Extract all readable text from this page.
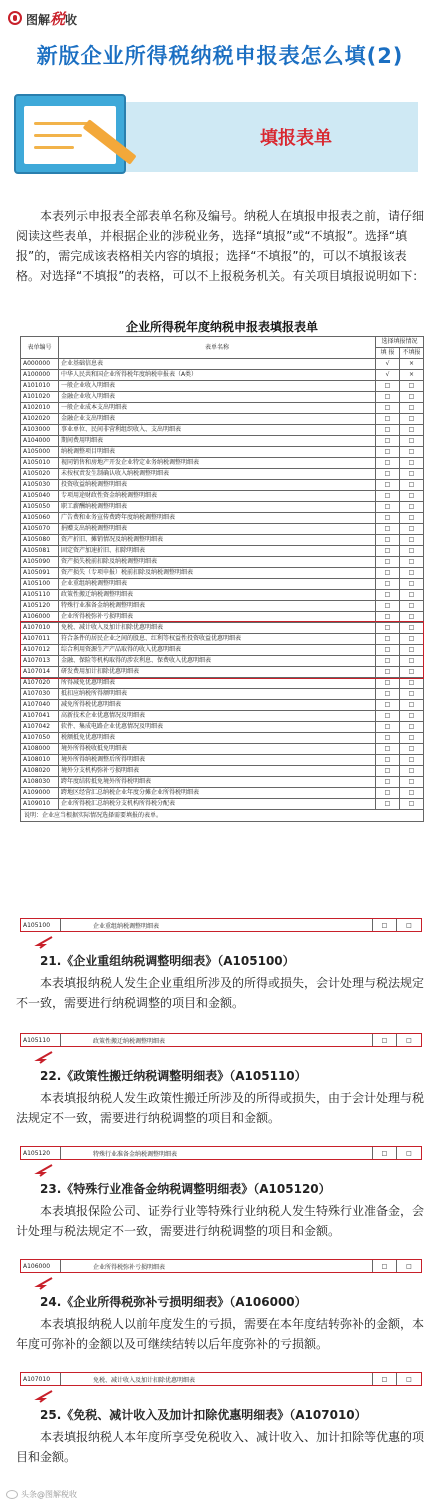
图解税收
新版企业所得税纳税申报表怎么填(2)
填报表单
本表列示申报表全部表单名称及编号。纳税人在填报申报表之前，请仔细阅读这些表单，并根据企业的涉税业务，选择“填报”或“不填报”。选择“填报”的，需完成该表格相关内容的填报；选择“不填报”的，可以不填报该表格。对选择“不填报”的表格，可以不上报税务机关。有关项目填报说明如下：
企业所得税年度纳税申报表填报表单
表单编号	表单名称	选择填报情况	
		填 报	不填报
A000000	企业基础信息表	√	×
A100000	中华人民共和国企业所得税年度纳税申报表（A类）	√	×
A101010	一般企业收入明细表	□	□
A101020	金融企业收入明细表	□	□
A102010	一般企业成本支出明细表	□	□
A102020	金融企业支出明细表	□	□
A103000	事业单位、民间非营利组织收入、支出明细表	□	□
A104000	期间费用明细表	□	□
A105000	纳税调整项目明细表	□	□
A105010	视同销售和房地产开发企业特定业务纳税调整明细表	□	□
A105020	未按权责发生制确认收入纳税调整明细表	□	□
A105030	投资收益纳税调整明细表	□	□
A105040	专项用途财政性资金纳税调整明细表	□	□
A105050	职工薪酬纳税调整明细表	□	□
A105060	广告费和业务宣传费跨年度纳税调整明细表	□	□
A105070	捐赠支出纳税调整明细表	□	□
A105080	资产折旧、摊销情况及纳税调整明细表	□	□
A105081	固定资产加速折旧、扣除明细表	□	□
A105090	资产损失税前扣除及纳税调整明细表	□	□
A105091	资产损失（专项申报）税前扣除及纳税调整明细表	□	□
A105100	企业重组纳税调整明细表	□	□
A105110	政策性搬迁纳税调整明细表	□	□
A105120	特殊行业准备金纳税调整明细表	□	□
A106000	企业所得税弥补亏损明细表	□	□
A107010	免税、减计收入及加计扣除优惠明细表	□	□
A107011	符合条件的居民企业之间的股息、红利等权益性投资收益优惠明细表	□	□
A107012	综合利用资源生产产品取得的收入优惠明细表	□	□
A107013	金融、保险等机构取得的涉农利息、保费收入优惠明细表	□	□
A107014	研发费用加计扣除优惠明细表	□	□
A107020	所得减免优惠明细表	□	□
A107030	抵扣应纳税所得额明细表	□	□
A107040	减免所得税优惠明细表	□	□
A107041	高新技术企业优惠情况及明细表	□	□
A107042	软件、集成电路企业优惠情况及明细表	□	□
A107050	税额抵免优惠明细表	□	□
A108000	境外所得税收抵免明细表	□	□
A108010	境外所得纳税调整后所得明细表	□	□
A108020	境外分支机构弥补亏损明细表	□	□
A108030	跨年度结转抵免境外所得税明细表	□	□
A109000	跨地区经营汇总纳税企业年度分摊企业所得税明细表	□	□
A109010	企业所得税汇总纳税分支机构所得税分配表	□	□
说明：企业应当根据实际情况选择需要填报的表单。
A105100	企业重组纳税调整明细表	□	□
21.《企业重组纳税调整明细表》（A105100）
本表填报纳税人发生企业重组所涉及的所得或损失，会计处理与税法规定不一致，需要进行纳税调整的项目和金额。
A105110	政策性搬迁纳税调整明细表	□	□
22.《政策性搬迁纳税调整明细表》（A105110）
本表填报纳税人发生政策性搬迁所涉及的所得或损失，由于会计处理与税法规定不一致，需要进行纳税调整的项目和金额。
A105120	特殊行业准备金纳税调整明细表	□	□
23.《特殊行业准备金纳税调整明细表》（A105120）
本表填报保险公司、证券行业等特殊行业纳税人发生特殊行业准备金，会计处理与税法规定不一致，需要进行纳税调整的项目和金额。
A106000	企业所得税弥补亏损明细表	□	□
24.《企业所得税弥补亏损明细表》（A106000）
本表填报纳税人以前年度发生的亏损，需要在本年度结转弥补的金额，本年度可弥补的金额以及可继续结转以后年度弥补的亏损额。
A107010	免税、减计收入及加计扣除优惠明细表	□	□
25.《免税、减计收入及加计扣除优惠明细表》（A107010）
本表填报纳税人本年度所享受免税收入、减计收入、加计扣除等优惠的项目和金额。
头条@图解税收
